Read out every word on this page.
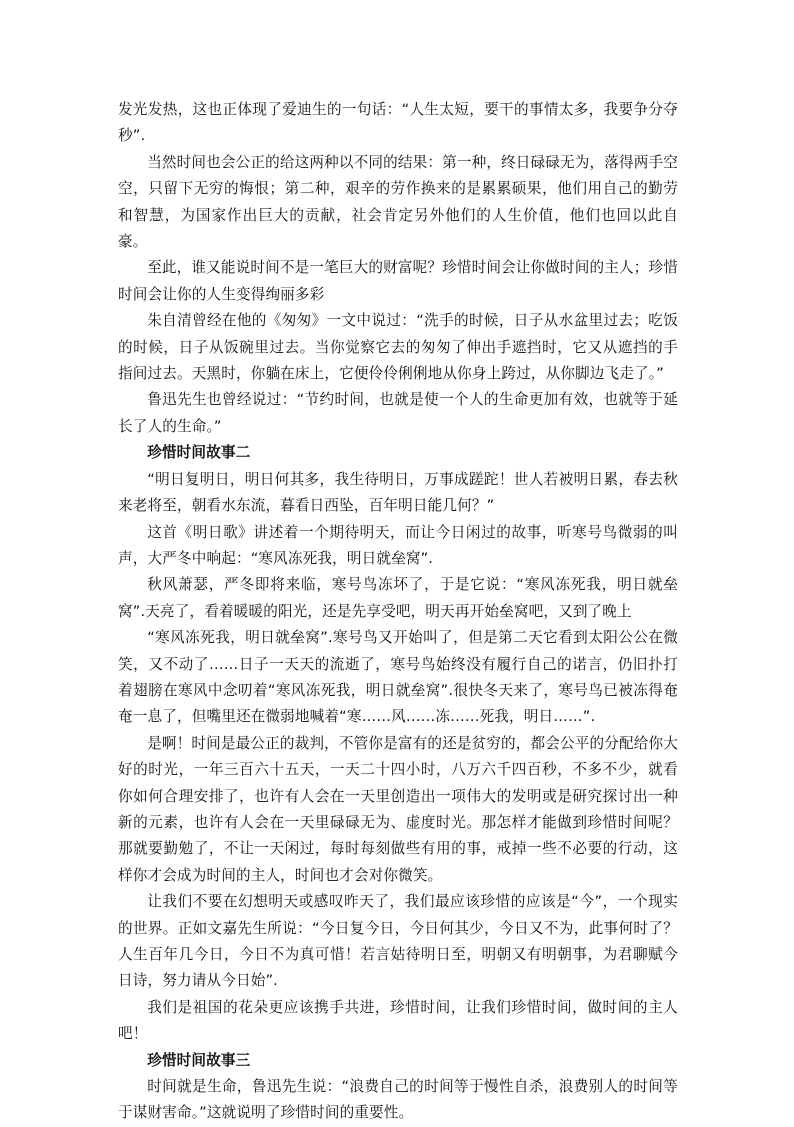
发光发热，这也正体现了爱迪生的一句话：“人生太短，要干的事情太多，我要争分夺秒”.

当然时间也会公正的给这两种以不同的结果：第一种，终日碌碌无为，落得两手空空，只留下无穷的悔恨；第二种，艰辛的劳作换来的是累累硕果，他们用自己的勤劳和智慧，为国家作出巨大的贡献，社会肯定另外他们的人生价值，他们也回以此自豪。

至此，谁又能说时间不是一笔巨大的财富呢？珍惜时间会让你做时间的主人；珍惜时间会让你的人生变得绚丽多彩

朱自清曾经在他的《匆匆》一文中说过：“洗手的时候，日子从水盆里过去；吃饭的时候，日子从饭碗里过去。当你觉察它去的匆匆了伸出手遮挡时，它又从遮挡的手指间过去。天黑时，你躺在床上，它便伶伶俐俐地从你身上跨过，从你脚边飞走了。”

鲁迅先生也曾经说过：“节约时间，也就是使一个人的生命更加有效，也就等于延长了人的生命。”

珍惜时间故事二

“明日复明日，明日何其多，我生待明日，万事成蹉跎！世人若被明日累，春去秋来老将至，朝看水东流，暮看日西坠，百年明日能几何？”

这首《明日歌》讲述着一个期待明天，而让今日闲过的故事，听寒号鸟微弱的叫声，大严冬中响起：“寒风冻死我，明日就垒窝”.

秋风萧瑟，严冬即将来临，寒号鸟冻坏了，于是它说：“寒风冻死我，明日就垒窝”.天亮了，看着暖暖的阳光，还是先享受吧，明天再开始垒窝吧，又到了晚上

“寒风冻死我，明日就垒窝”.寒号鸟又开始叫了，但是第二天它看到太阳公公在微笑，又不动了……日子一天天的流逝了，寒号鸟始终没有履行自己的诺言，仍旧扑打着翅膀在寒风中念叨着“寒风冻死我，明日就垒窝”.很快冬天来了，寒号鸟已被冻得奄奄一息了，但嘴里还在微弱地喊着“寒……风……冻……死我，明日……”.

是啊！时间是最公正的裁判，不管你是富有的还是贫穷的，都会公平的分配给你大好的时光，一年三百六十五天，一天二十四小时，八万六千四百秒，不多不少，就看你如何合理安排了，也许有人会在一天里创造出一项伟大的发明或是研究探讨出一种新的元素，也许有人会在一天里碌碌无为、虚度时光。那怎样才能做到珍惜时间呢？那就要勤勉了，不让一天闲过，每时每刻做些有用的事，戒掉一些不必要的行动，这样你才会成为时间的主人，时间也才会对你微笑。

让我们不要在幻想明天或感叹昨天了，我们最应该珍惜的应该是“今”，一个现实的世界。正如文嘉先生所说：“今日复今日，今日何其少，今日又不为，此事何时了？人生百年几今日，今日不为真可惜！若言姑待明日至，明朝又有明朝事，为君聊赋今日诗，努力请从今日始”.

我们是祖国的花朵更应该携手共进，珍惜时间，让我们珍惜时间，做时间的主人吧！

珍惜时间故事三

时间就是生命，鲁迅先生说：“浪费自己的时间等于慢性自杀，浪费别人的时间等于谋财害命。”这就说明了珍惜时间的重要性。
